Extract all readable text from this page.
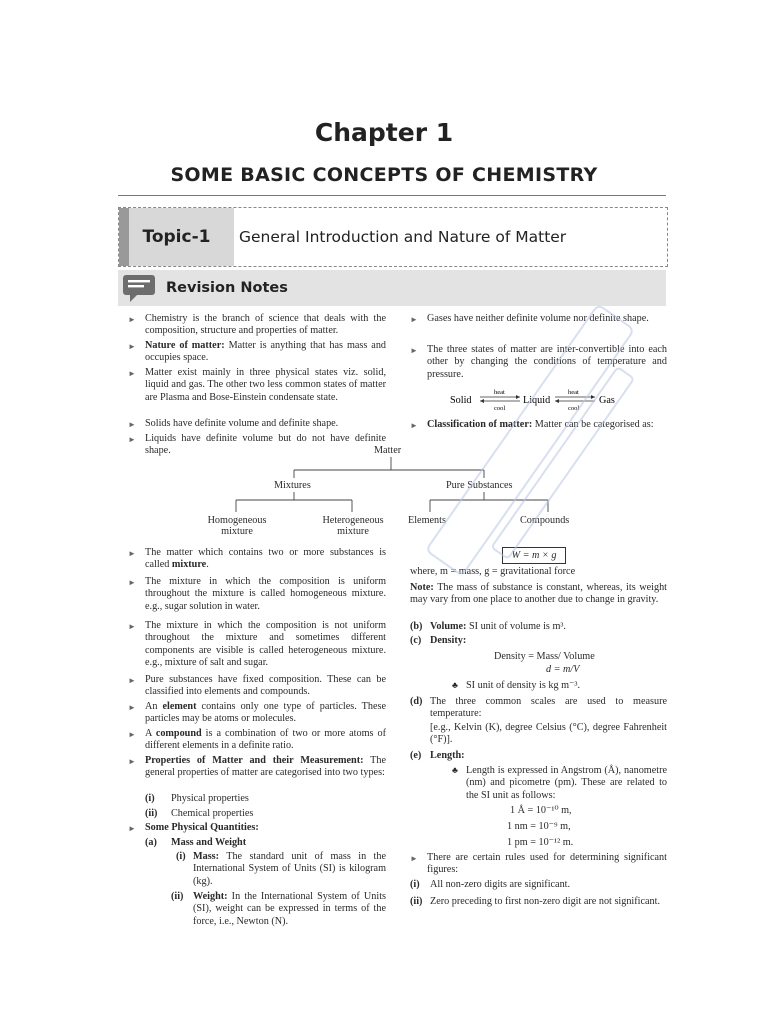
Chapter 1
SOME BASIC CONCEPTS OF CHEMISTRY
Topic-1	General Introduction and Nature of Matter
Revision Notes
► Chemistry is the branch of science that deals with the composition, structure and properties of matter.
► Nature of matter: Matter is anything that has mass and occupies space.
► Matter exist mainly in three physical states viz. solid, liquid and gas. The other two less common states of matter are Plasma and Bose-Einstein condensate state.
► Solids have definite volume and definite shape.
► Liquids have definite volume but do not have definite shape.
► Gases have neither definite volume nor definite shape.
► The three states of matter are inter-convertible into each other by changing the conditions of temperature and pressure.
Solid
heat
cool
Liquid
heat
cool
Gas
► Classification of matter: Matter can be categorised as:
Matter
Mixtures	Pure Substances
Homogeneous
mixture
Heterogeneous
mixture
Elements	Compounds
► The matter which contains two or more substances is called mixture.
► The mixture in which the composition is uniform throughout the mixture is called homogeneous mixture. e.g., sugar solution in water.
► The mixture in which the composition is not uniform throughout the mixture and sometimes different components are visible is called heterogeneous mixture. e.g., mixture of salt and sugar.
► Pure substances have fixed composition. These can be classified into elements and compounds.
► An element contains only one type of particles. These particles may be atoms or molecules.
► A compound is a combination of two or more atoms of different elements in a definite ratio.
► Properties of Matter and their Measurement: The general properties of matter are categorised into two types:
(i) Physical properties
(ii) Chemical properties
► Some Physical Quantities:
(a) Mass and Weight
(i) Mass: The standard unit of mass in the International System of Units (SI) is kilogram (kg).
(ii) Weight: In the International System of Units (SI), weight can be expressed in terms of the force, i.e., Newton (N).
W = m × g
where, m = mass, g = gravitational force
Note: The mass of substance is constant, whereas, its weight may vary from one place to another due to change in gravity.
(b) Volume: SI unit of volume is m³.
(c) Density:
Density = Mass/ Volume
d = m/V
♣ SI unit of density is kg m⁻³.
(d) The three common scales are used to measure temperature:
[e.g., Kelvin (K), degree Celsius (°C), degree Fahrenheit (°F)].
(e) Length:
♣ Length is expressed in Angstrom (Å), nanometre (nm) and picometre (pm). These are related to the SI unit as follows:
1 Å = 10⁻¹⁰ m,
1 nm = 10⁻⁹ m,
1 pm = 10⁻¹² m.
► There are certain rules used for determining significant figures:
(i) All non-zero digits are significant.
(ii) Zero preceding to first non-zero digit are not significant.
